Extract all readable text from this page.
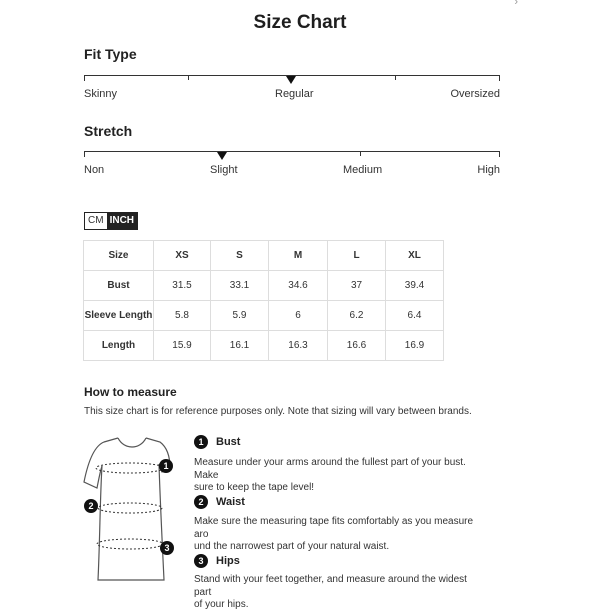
Size Chart
›
Fit Type
Skinny	Regular	Oversized
Stretch
Non	Slight	Medium	High
CM INCH
Size	XS	S	M	L	XL
Bust	31.5	33.1	34.6	37	39.4
Sleeve Length	5.8	5.9	6	6.2	6.4
Length	15.9	16.1	16.3	16.6	16.9
How to measure
This size chart is for reference purposes only. Note that sizing will vary between brands.
1
2
3
1	Bust
Measure under your arms around the fullest part of your bust. Make
sure to keep the tape level!
2	Waist
Make sure the measuring tape fits comfortably as you measure aro
und the narrowest part of your natural waist.
3	Hips
Stand with your feet together, and measure around the widest part
of your hips.
